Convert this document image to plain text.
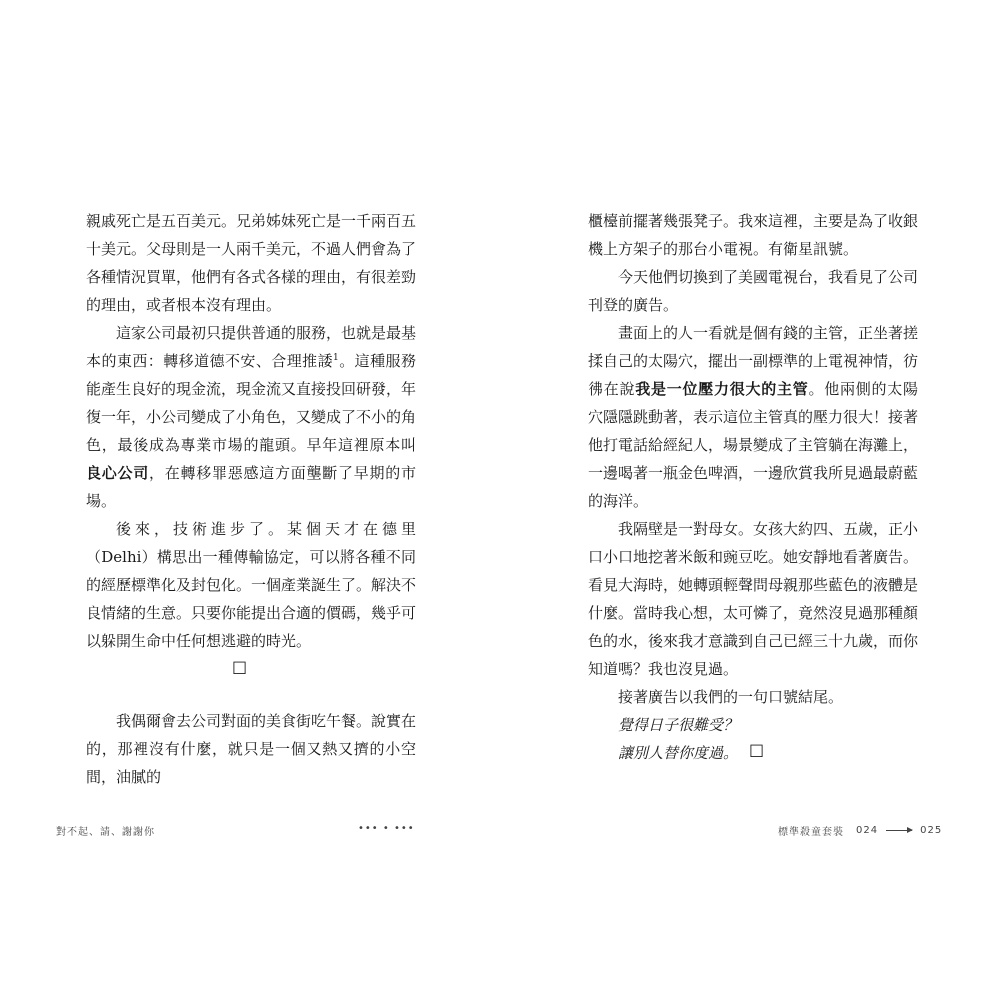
親戚死亡是五百美元。兄弟姊妹死亡是一千兩百五十美元。父母則是一人兩千美元，不過人們會為了各種情況買單，他們有各式各樣的理由，有很差勁的理由，或者根本沒有理由。

這家公司最初只提供普通的服務，也就是最基本的東西：轉移道德不安、合理推諉$^1$。這種服務能產生良好的現金流，現金流又直接投回研發，年復一年，小公司變成了小角色，又變成了不小的角色，最後成為專業市場的龍頭。早年這裡原本叫良心公司，在轉移罪惡感這方面壟斷了早期的市場。

後來，技術進步了。某個天才在德里（Delhi）構思出一種傳輸協定，可以將各種不同的經歷標準化及封包化。一個產業誕生了。解決不良情緒的生意。只要你能提出合適的價碼，幾乎可以躲開生命中任何想逃避的時光。

□

我偶爾會去公司對面的美食街吃午餐。說實在的，那裡沒有什麼，就只是一個又熱又擠的小空間，油膩的

對不起、請、謝謝你	••• • •••

櫃檯前擺著幾張凳子。我來這裡，主要是為了收銀機上方架子的那台小電視。有衛星訊號。

今天他們切換到了美國電視台，我看見了公司刊登的廣告。

畫面上的人一看就是個有錢的主管，正坐著搓揉自己的太陽穴，擺出一副標準的上電視神情，彷彿在說我是一位壓力很大的主管。他兩側的太陽穴隱隱跳動著，表示這位主管真的壓力很大！接著他打電話給經紀人，場景變成了主管躺在海灘上，一邊喝著一瓶金色啤酒，一邊欣賞我所見過最蔚藍的海洋。

我隔壁是一對母女。女孩大約四、五歲，正小口小口地挖著米飯和豌豆吃。她安靜地看著廣告。看見大海時，她轉頭輕聲問母親那些藍色的液體是什麼。當時我心想，太可憐了，竟然沒見過那種顏色的水，後來我才意識到自己已經三十九歲，而你知道嗎？我也沒見過。

接著廣告以我們的一句口號結尾。

覺得日子很難受？

讓別人替你度過。 □
標準殺童套裝 024	025
